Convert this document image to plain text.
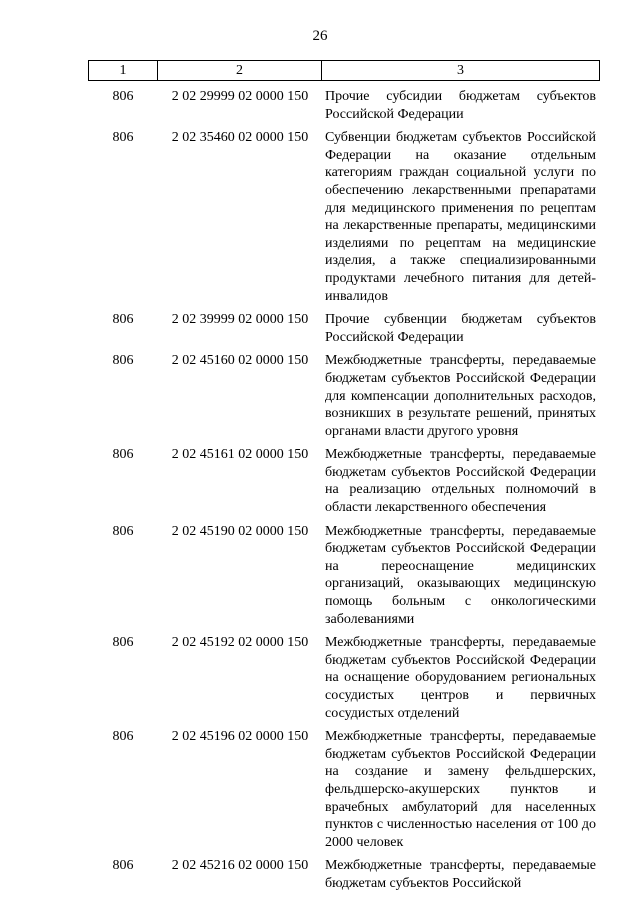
26
1	2	3
806	2 02 29999 02 0000 150	Прочие субсидии бюджетам субъектов Российской Федерации
806	2 02 35460 02 0000 150	Субвенции бюджетам субъектов Российской Федерации на оказание отдельным категориям граждан социальной услуги по обеспечению лекарственными препаратами для медицинского применения по рецептам на лекарственные препараты, медицинскими изделиями по рецептам на медицинские изделия, а также специализированными продуктами лечебного питания для детей-инвалидов
806	2 02 39999 02 0000 150	Прочие субвенции бюджетам субъектов Российской Федерации
806	2 02 45160 02 0000 150	Межбюджетные трансферты, передаваемые бюджетам субъектов Российской Федерации для компенсации дополнительных расходов, возникших в результате решений, принятых органами власти другого уровня
806	2 02 45161 02 0000 150	Межбюджетные трансферты, передаваемые бюджетам субъектов Российской Федерации на реализацию отдельных полномочий в области лекарственного обеспечения
806	2 02 45190 02 0000 150	Межбюджетные трансферты, передаваемые бюджетам субъектов Российской Федерации на переоснащение медицинских организаций, оказывающих медицинскую помощь больным с онкологическими заболеваниями
806	2 02 45192 02 0000 150	Межбюджетные трансферты, передаваемые бюджетам субъектов Российской Федерации на оснащение оборудованием региональных сосудистых центров и первичных сосудистых отделений
806	2 02 45196 02 0000 150	Межбюджетные трансферты, передаваемые бюджетам субъектов Российской Федерации на создание и замену фельдшерских, фельдшерско-акушерских пунктов и врачебных амбулаторий для населенных пунктов с численностью населения от 100 до 2000 человек
806	2 02 45216 02 0000 150	Межбюджетные трансферты, передаваемые бюджетам субъектов Российской
